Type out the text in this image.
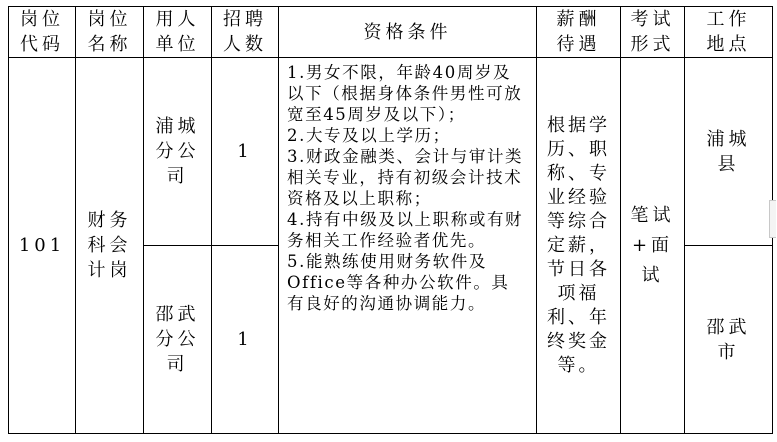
岗位代码	岗位名称	用人单位	招聘人数	资格条件	薪酬待遇	考试形式	工作地点

101	财务科会计岗	浦城分公司	1	1.男女不限，年龄40周岁及以下（根据身体条件男性可放宽至45周岁及以下）；

2.大专及以上学历；

3.财政金融类、会计与审计类相关专业，持有初级会计技术资格及以上职称；

4.持有中级及以上职称或有财务相关工作经验者优先。

5.能熟练使用财务软件及Office等各种办公软件。具有良好的沟通协调能力。	根据学历、职称、专业经验等综合定薪，节日各项福利、年终奖金等。	笔试+面试	浦城县

		邵武分公司	1				邵武市
